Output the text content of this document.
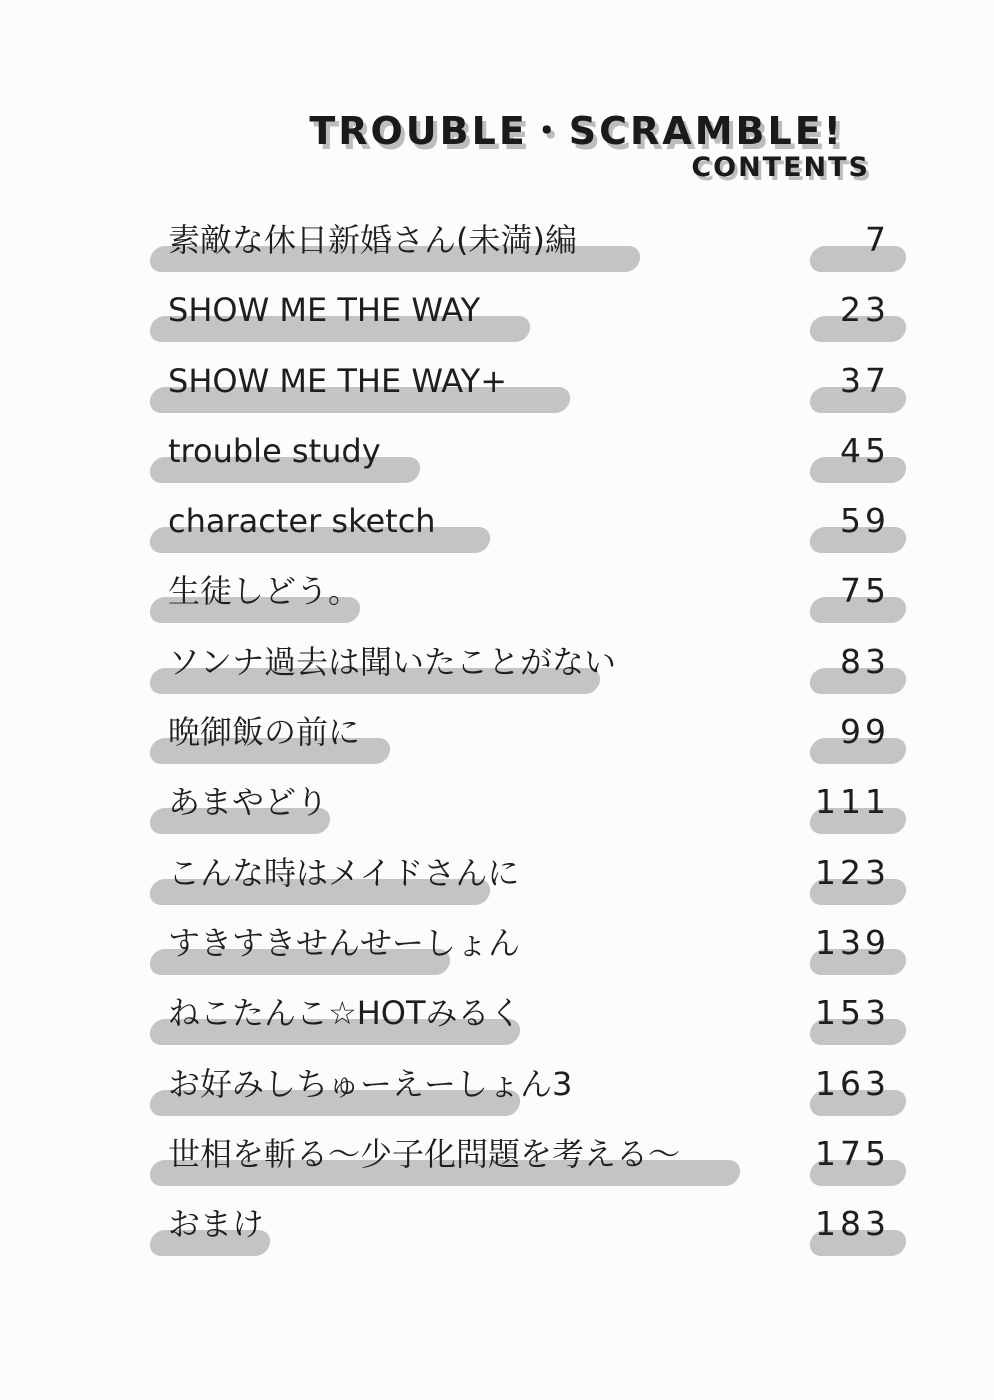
TROUBLE・SCRAMBLE!
CONTENTS
素敵な休日新婚さん(未満)編	7
SHOW ME THE WAY	23
SHOW ME THE WAY+	37
trouble study	45
character sketch	59
生徒しどう。	75
ソンナ過去は聞いたことがない	83
晩御飯の前に	99
あまやどり	111
こんな時はメイドさんに	123
すきすきせんせーしょん	139
ねこたんこ☆HOTみるく	153
お好みしちゅーえーしょん3	163
世相を斬る〜少子化問題を考える〜	175
おまけ	183
